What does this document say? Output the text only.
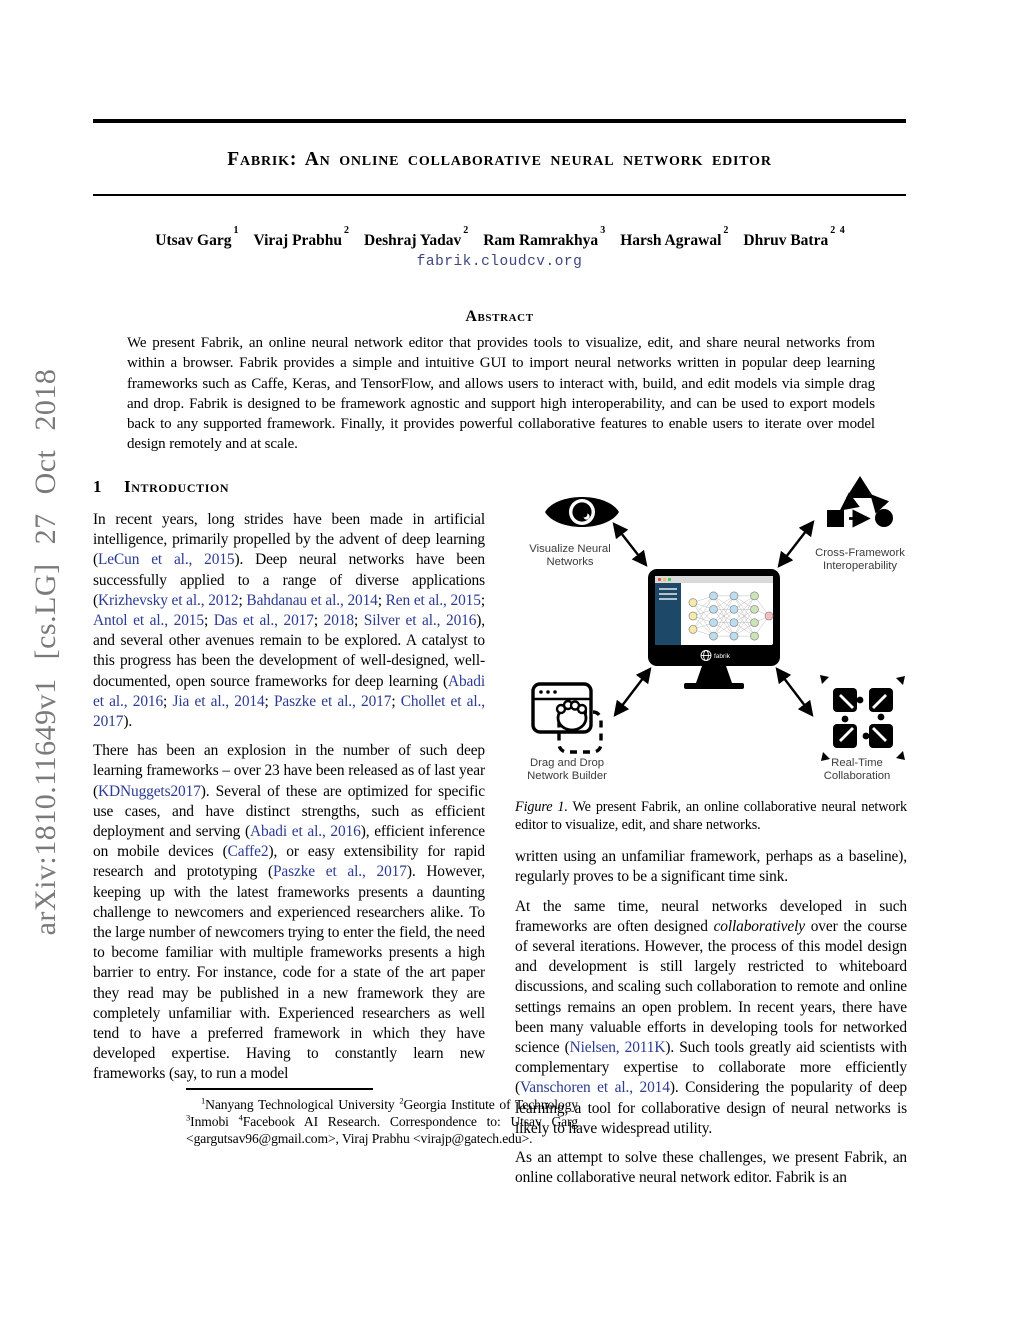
arXiv:1810.11649v1 [cs.LG] 27 Oct 2018
Fabrik: An online collaborative neural network editor
Utsav Garg$^1$Viraj Prabhu$^2$Deshraj Yadav$^2$Ram Ramrakhya$^3$Harsh Agrawal$^2$Dhruv Batra$^{2 4}$
fabrik.cloudcv.org
Abstract

We present Fabrik, an online neural network editor that provides tools to visualize, edit, and share neural networks from within a browser. Fabrik provides a simple and intuitive GUI to import neural networks written in popular deep learning frameworks such as Caffe, Keras, and TensorFlow, and allows users to interact with, build, and edit models via simple drag and drop. Fabrik is designed to be framework agnostic and support high interoperability, and can be used to export models back to any supported framework. Finally, it provides powerful collaborative features to enable users to iterate over model design remotely and at scale.

1 Introduction

In recent years, long strides have been made in artificial intelligence, primarily propelled by the advent of deep learning (LeCun et al., 2015). Deep neural networks have been successfully applied to a range of diverse applications (Krizhevsky et al., 2012; Bahdanau et al., 2014; Ren et al., 2015; Antol et al., 2015; Das et al., 2017; 2018; Silver et al., 2016), and several other avenues remain to be explored. A catalyst to this progress has been the development of well-designed, well-documented, open source frameworks for deep learning (Abadi et al., 2016; Jia et al., 2014; Paszke et al., 2017; Chollet et al., 2017).

There has been an explosion in the number of such deep learning frameworks – over 23 have been released as of last year (KDNuggets2017). Several of these are optimized for specific use cases, and have distinct strengths, such as efficient deployment and serving (Abadi et al., 2016), efficient inference on mobile devices (Caffe2), or easy extensibility for rapid research and prototyping (Paszke et al., 2017). However, keeping up with the latest frameworks presents a daunting challenge to newcomers and experienced researchers alike. To the large number of newcomers trying to enter the field, the need to become familiar with multiple frameworks presents a high barrier to entry. For instance, code for a state of the art paper they read may be published in a new framework they are completely unfamiliar with. Experienced researchers as well tend to have a preferred framework in which they have developed expertise. Having to constantly learn new frameworks (say, to run a model

Visualize Neural
Networks
Cross-Framework
Interoperability
fabrik
Drag and Drop
Network Builder
Real-Time
Collaboration

Figure 1. We present Fabrik, an online collaborative neural network editor to visualize, edit, and share networks.

written using an unfamiliar framework, perhaps as a baseline), regularly proves to be a significant time sink.

At the same time, neural networks developed in such frameworks are often designed collaboratively over the course of several iterations. However, the process of this model design and development is still largely restricted to whiteboard discussions, and scaling such collaboration to remote and online settings remains an open problem. In recent years, there have been many valuable efforts in developing tools for networked science (Nielsen, 2011K). Such tools greatly aid scientists with complementary expertise to collaborate more efficiently (Vanschoren et al., 2014). Considering the popularity of deep learning, a tool for collaborative design of neural networks is likely to have widespread utility.

As an attempt to solve these challenges, we present Fabrik, an online collaborative neural network editor. Fabrik is an

$^1$Nanyang Technological University $^2$Georgia Institute of Technology $^3$Inmobi $^4$Facebook AI Research. Correspondence to: Utsav Garg <gargutsav96@gmail.com>, Viraj Prabhu <virajp@gatech.edu>.
